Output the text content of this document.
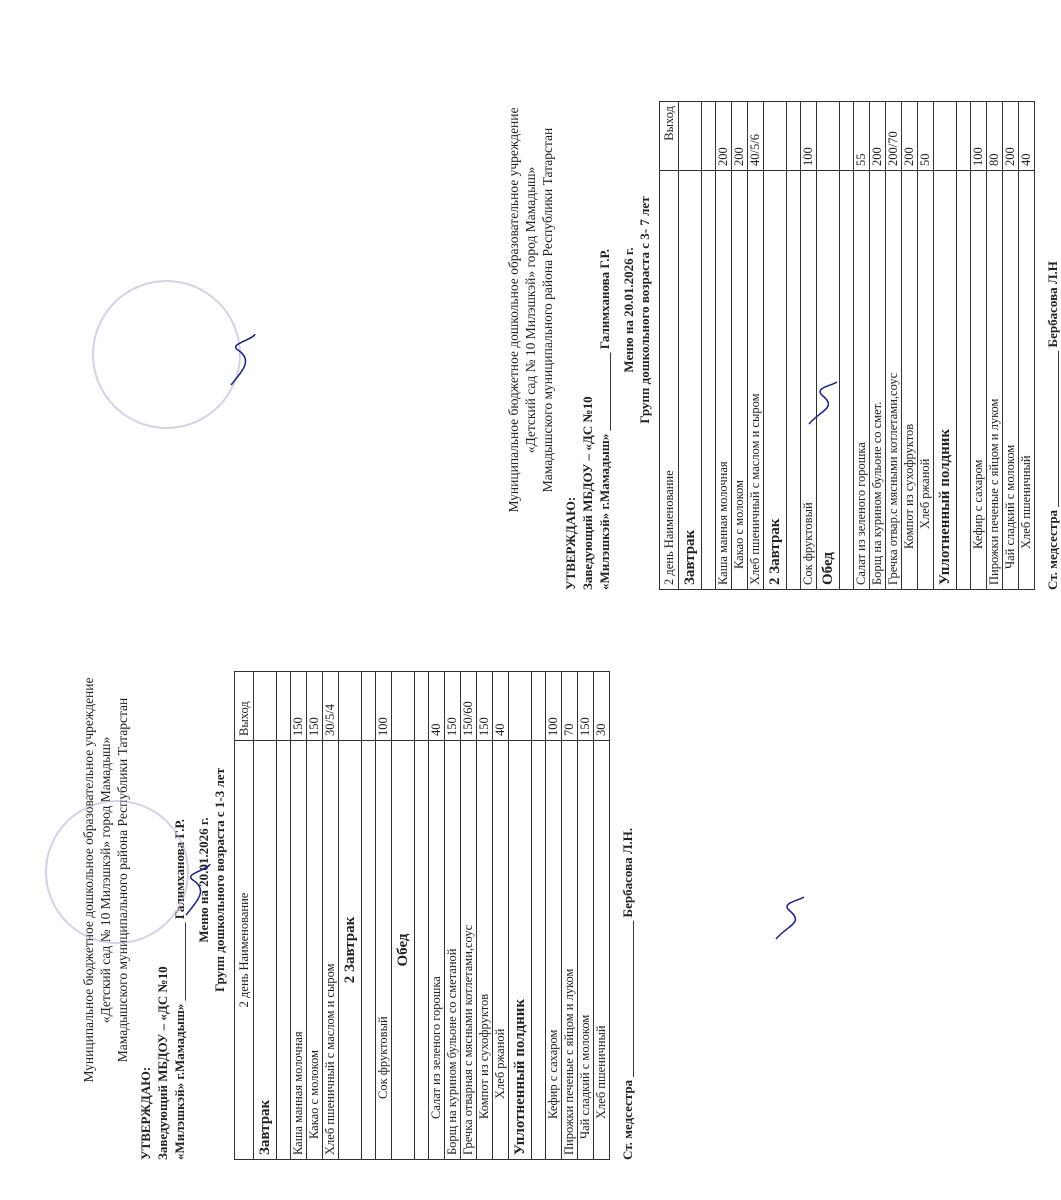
Муниципальное бюджетное дошкольное образовательное учреждение «Детский сад № 10 Милэшкэй» город Мамадыш» Мамадышского муниципального района Республики Татарстан
УТВЕРЖДАЮ: Заведующий МБДОУ – «ДС №10 «Милэшкэй» г.Мамадыш» ____________ Галимханова Г.Р. Меню на 20.01.2026 г. Групп дошкольного возраста с 1-3 лет 2 день Наименование	Выход
Завтрак	

Каша манная молочная	150
Какао с молоком	150
Хлеб пшеничный с маслом и сыром	30/5/4
2 Завтрак	

Сок фруктовый	100
Обед	

Салат из зеленого горошка	40
Борщ на курином бульоне со сметаной	150
Гречка отварная с мясными котлетами,соус	150/60
Компот из сухофруктов	150
Хлеб ржаной	40
Уплотненный полдник	

Кефир с сахаром	100
Пирожки печеные с яйцом и луком	70
Чай сладкий с молоком	150
Хлеб пшеничный	30
Ст. медсестра ________________________ Бербасова Л.Н.
Муниципальное бюджетное дошкольное образовательное учреждение «Детский сад № 10 Милэшкэй» город Мамадыш» Мамадышского муниципального района Республики Татарстан
УТВЕРЖДАЮ: Заведующий МБДОУ – «ДС №10 «Милэшкэй» г.Мамадыш» ____________ Галимханова Г.Р. Меню на 20.01.2026 г. Групп дошкольного возраста с 3- 7 лет
2 день Наименование	Выход
Завтрак	

Каша манная молочная	200
Какао с молоком	200
Хлеб пшеничный с маслом и сыром	40/5/6
2 Завтрак	

Сок фруктовый	100
Обед	

Салат из зеленого горошка	55
Борщ на курином бульоне со смет.	200
Гречка отвар.с мясными котлетами,соус	200/70
Компот из сухофруктов	200
Хлеб ржаной	50
Уплотненный полдник	

Кефир с сахаром	100
Пирожки печеные с яйцом и луком	80
Чай сладкий с молоком	200
Хлеб пшеничный	40
Ст. медсестра ________________________ Бербасова Л.Н
